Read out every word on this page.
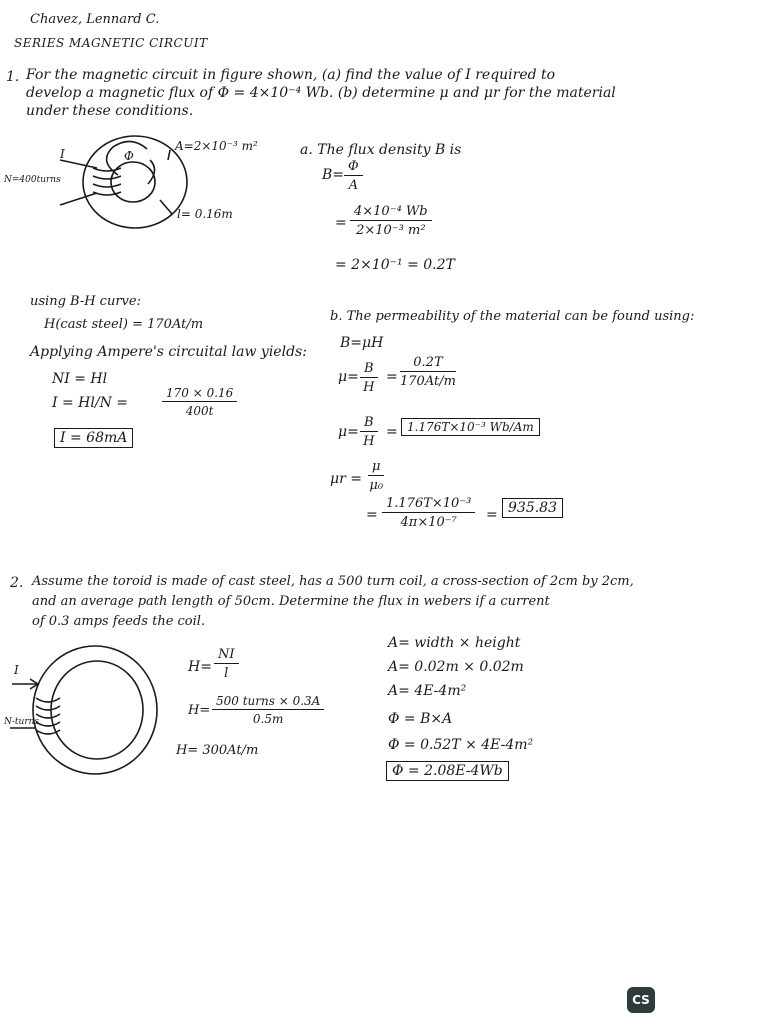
Chavez, Lennard C.
SERIES MAGNETIC CIRCUIT
1. For the magnetic circuit in figure shown, (a) find the value of I required to
develop a magnetic flux of Φ = 4×10⁻⁴ Wb. (b) determine μ and μr for the material
under these conditions.
A=2×10⁻³ m²
I	Φ
N=400turns
l= 0.16m
a. The flux density B is
$B= \frac{\Phi}{A}$
= $\frac{\text{4×10⁻⁴ Wb}}{\text{2×10⁻³ m²}}$
= 2×10⁻¹ = 0.2T
using B-H curve:
H(cast steel) = 170At/m
Applying Ampere's circuital law yields:
NI = Hl
I = Hl/N =	$\frac{170 \times 0.16}{400t}$
I = 68mA
b. The permeability of the material can be found using:
B=μH
$\mu= \frac{B}{H} = \frac{0.2T}{170At/m}$
$\mu= \frac{B}{H} = 1.176T\times 10^{-3}$ Wb/Am
$\mu r = \frac{\mu}{\text{μ₀}}$
= $\frac{\text{1.176T×10⁻³}}{\text{4π×10⁻⁷}} = 935.83$
2. Assume the toroid is made of cast steel, has a 500 turn coil, a cross-section of 2cm by 2cm,
and an average path length of 50cm. Determine the flux in webers if a current
of 0.3 amps feeds the coil.
I
N-turns
$H= \frac{NI}{l}$
H=
500 turns × 0.3A
0.5m
H= 300At/m
A= width × height
A= 0.02m × 0.02m
A= 4E-4m²
Φ = B×A
Φ = 0.52T × 4E-4m²
Φ = 2.08E-4Wb
CS
